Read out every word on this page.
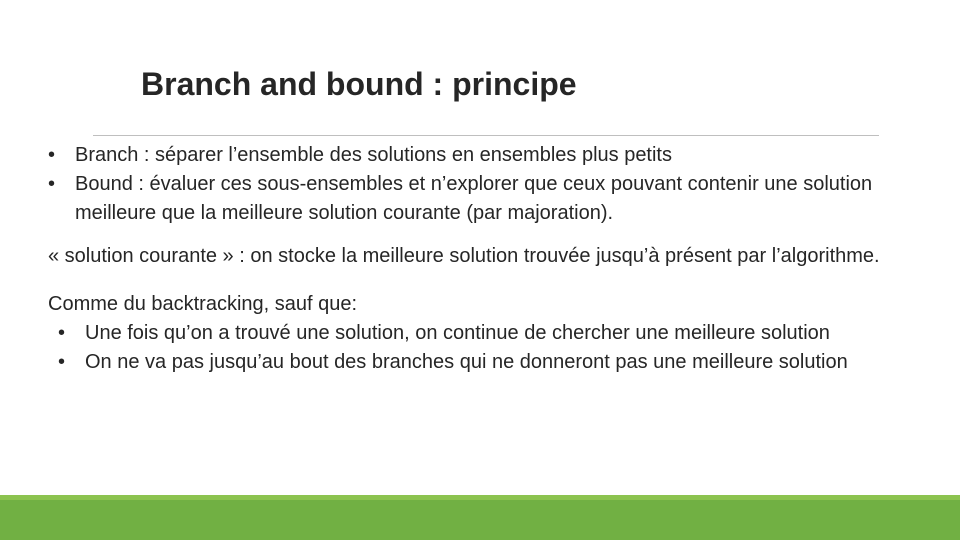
Branch and bound : principe
• Branch : séparer l’ensemble des solutions en ensembles plus petits
• Bound : évaluer ces sous-ensembles et n’explorer que ceux pouvant contenir une solution meilleure que la meilleure solution courante (par majoration).

« solution courante » : on stocke la meilleure solution trouvée jusqu’à présent par l’algorithme.

Comme du backtracking, sauf que:
• Une fois qu’on a trouvé une solution, on continue de chercher une meilleure solution
• On ne va pas jusqu’au bout des branches qui ne donneront pas une meilleure solution
